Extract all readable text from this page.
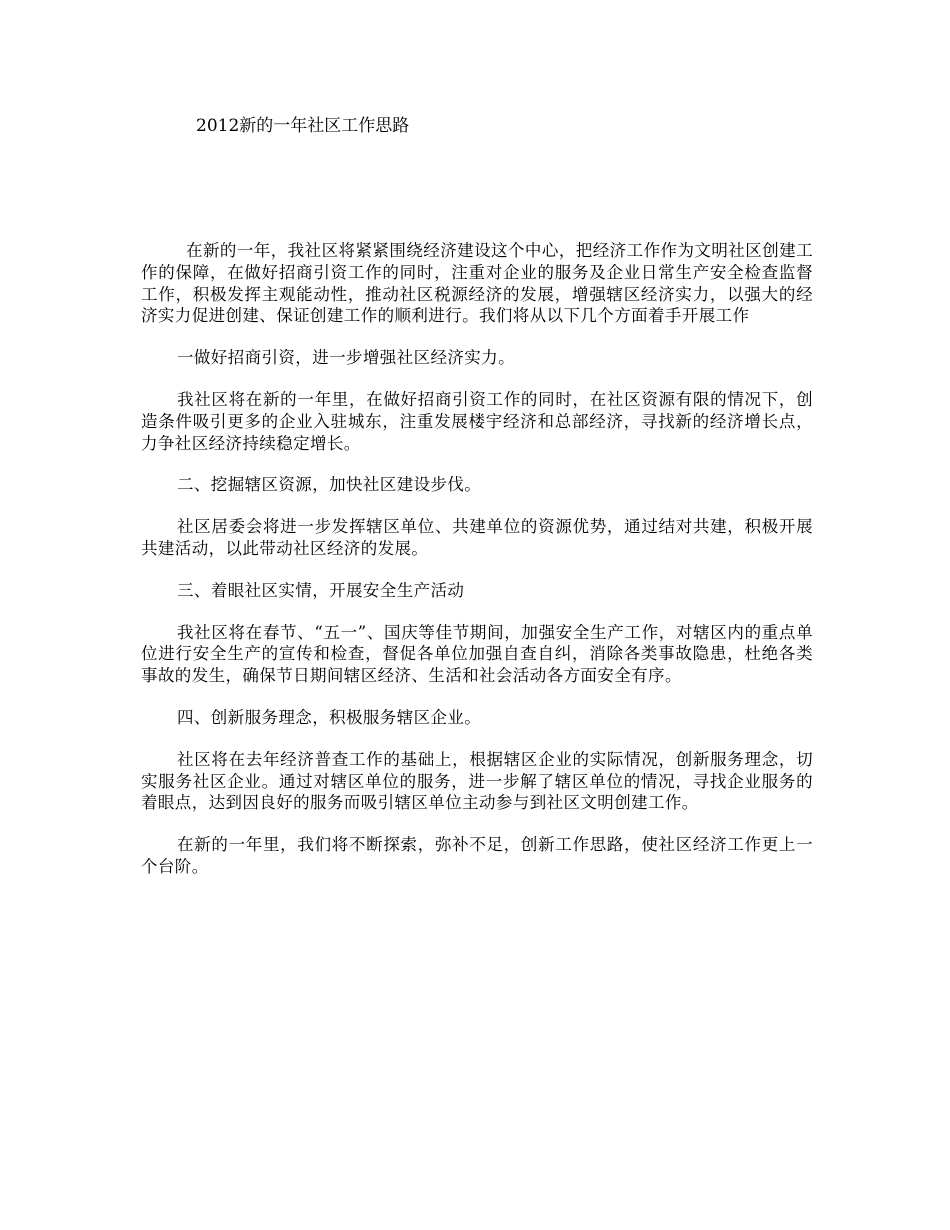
2012新的一年社区工作思路

在新的一年，我社区将紧紧围绕经济建设这个中心，把经济工作作为文明社区创建工作的保障，在做好招商引资工作的同时，注重对企业的服务及企业日常生产安全检查监督工作，积极发挥主观能动性，推动社区税源经济的发展，增强辖区经济实力，以强大的经济实力促进创建、保证创建工作的顺利进行。我们将从以下几个方面着手开展工作

一做好招商引资，进一步增强社区经济实力。

我社区将在新的一年里，在做好招商引资工作的同时，在社区资源有限的情况下，创造条件吸引更多的企业入驻城东，注重发展楼宇经济和总部经济，寻找新的经济增长点，力争社区经济持续稳定增长。

二、挖掘辖区资源，加快社区建设步伐。

社区居委会将进一步发挥辖区单位、共建单位的资源优势，通过结对共建，积极开展共建活动，以此带动社区经济的发展。

三、着眼社区实情，开展安全生产活动

我社区将在春节、“五一”、国庆等佳节期间，加强安全生产工作，对辖区内的重点单位进行安全生产的宣传和检查，督促各单位加强自查自纠，消除各类事故隐患，杜绝各类事故的发生，确保节日期间辖区经济、生活和社会活动各方面安全有序。

四、创新服务理念，积极服务辖区企业。

社区将在去年经济普查工作的基础上，根据辖区企业的实际情况，创新服务理念，切实服务社区企业。通过对辖区单位的服务，进一步解了辖区单位的情况，寻找企业服务的着眼点，达到因良好的服务而吸引辖区单位主动参与到社区文明创建工作。

在新的一年里，我们将不断探索，弥补不足，创新工作思路，使社区经济工作更上一个台阶。
